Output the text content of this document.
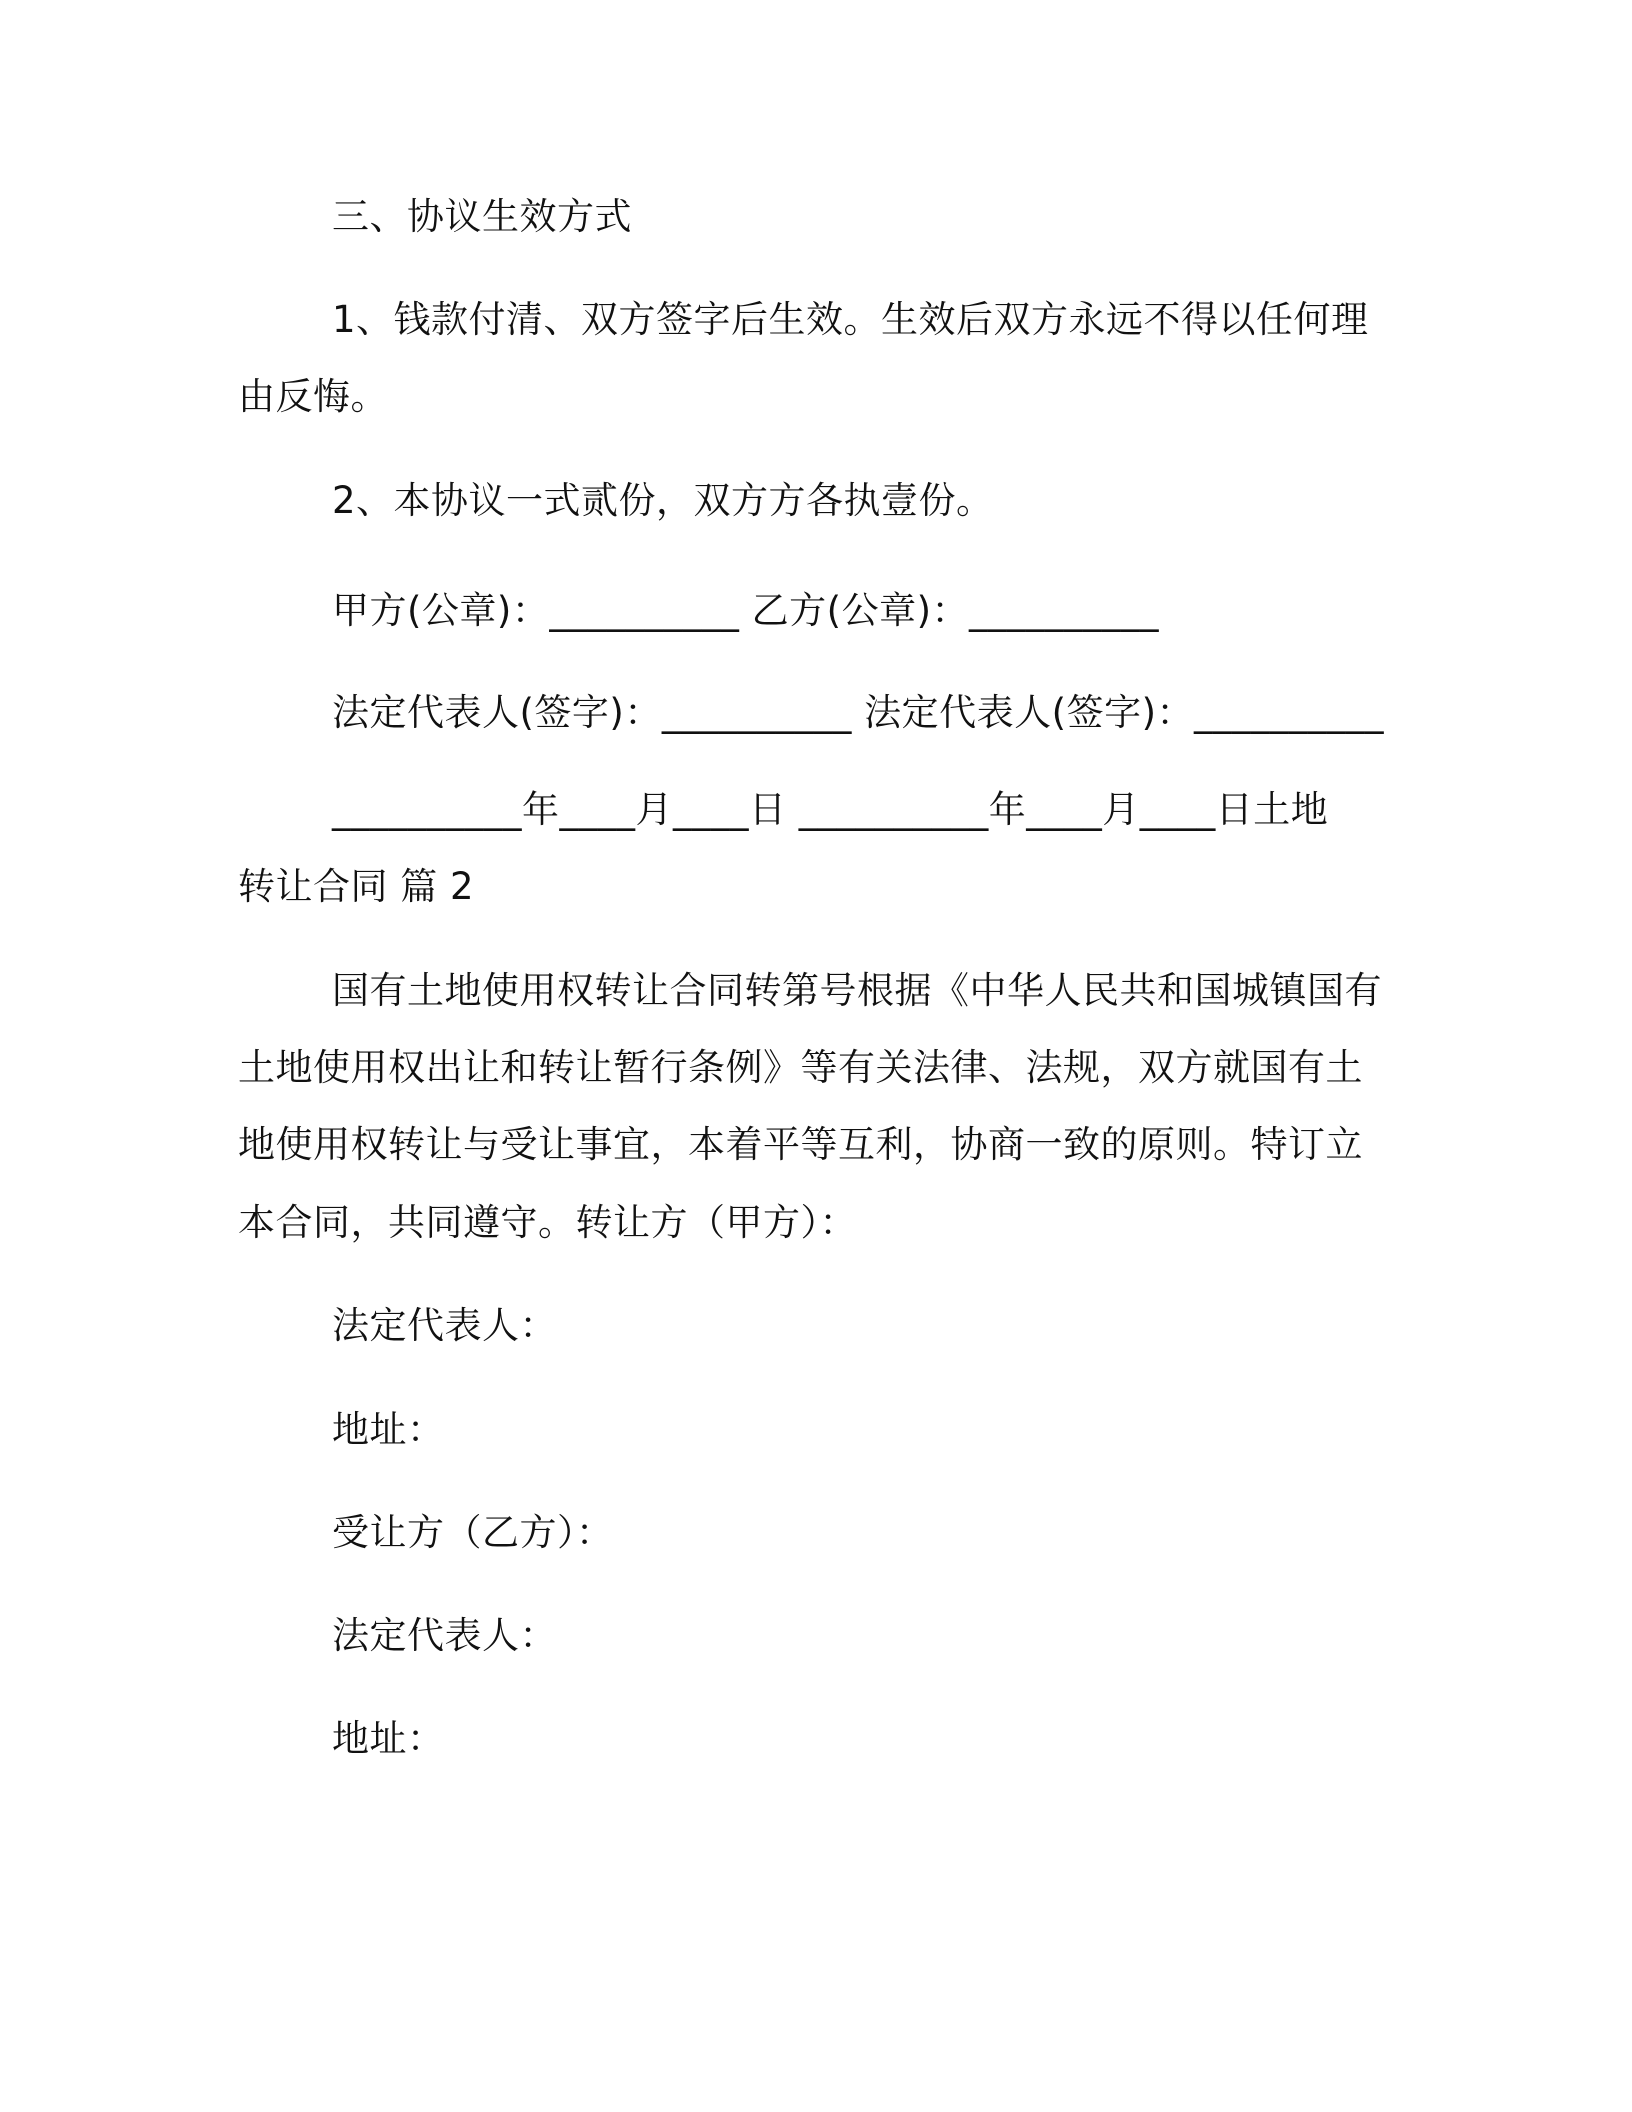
三、协议生效方式
1、钱款付清、双方签字后生效。生效后双方永远不得以任何理
由反悔。
2、本协议一式贰份，双方方各执壹份。
甲方(公章)：__________ 乙方(公章)：__________
法定代表人(签字)：__________ 法定代表人(签字)：__________
__________年____月____日 __________年____月____日土地
转让合同 篇 2
国有土地使用权转让合同转第号根据《中华人民共和国城镇国有
土地使用权出让和转让暂行条例》等有关法律、法规，双方就国有土
地使用权转让与受让事宜，本着平等互利，协商一致的原则。特订立
本合同，共同遵守。转让方（甲方）：
法定代表人：
地址：
受让方（乙方）：
法定代表人：
地址：
